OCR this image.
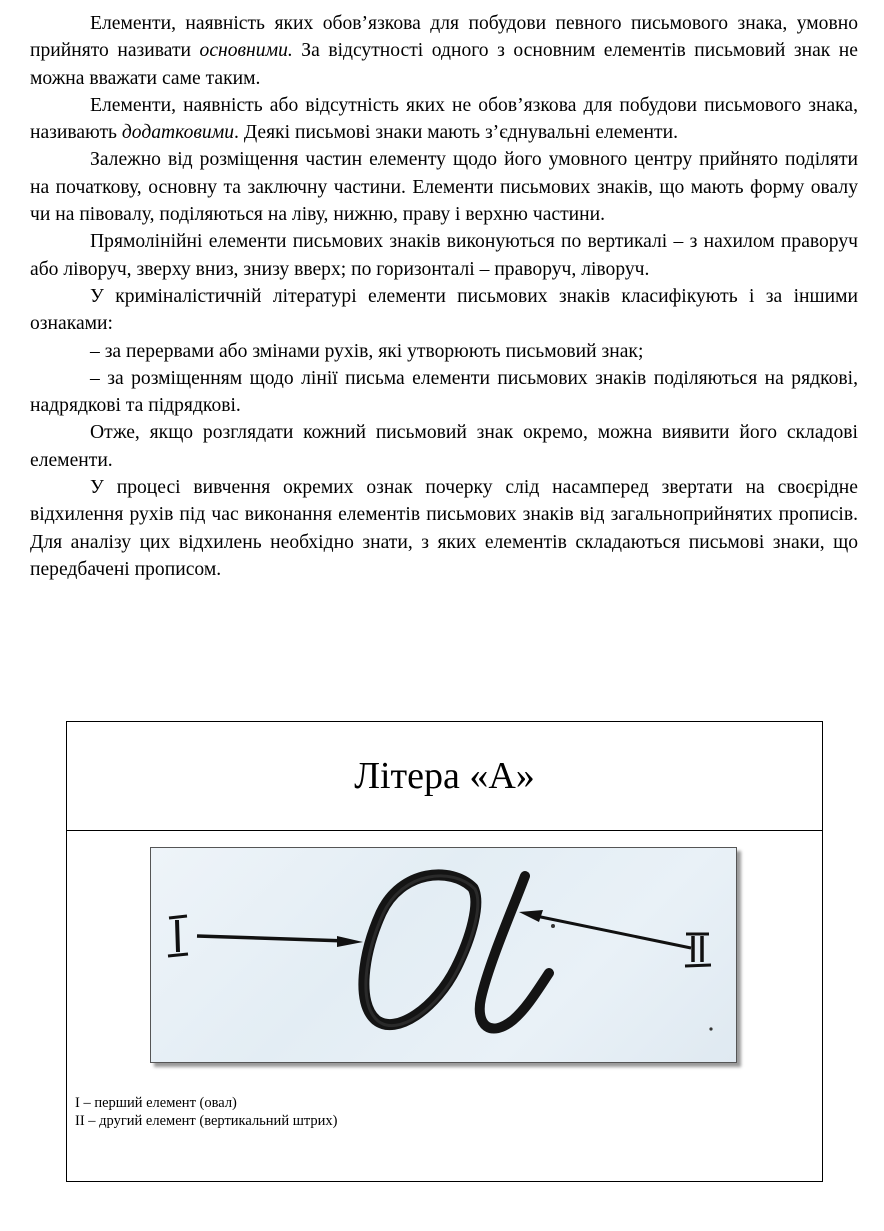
Елементи, наявність яких обов’язкова для побудови певного письмового знака, умовно прийнято називати основними. За відсутності одного з основним елементів письмовий знак не можна вважати саме таким.

Елементи, наявність або відсутність яких не обов’язкова для побудови письмового знака, називають додатковими. Деякі письмові знаки мають з’єднувальні елементи.

Залежно від розміщення частин елементу щодо його умовного центру прийнято поділяти на початкову, основну та заключну частини. Елементи письмових знаків, що мають форму овалу чи на півовалу, поділяються на ліву, нижню, праву і верхню частини.

Прямолінійні елементи письмових знаків виконуються по вертикалі – з нахилом праворуч або ліворуч, зверху вниз, знизу вверх; по горизонталі – праворуч, ліворуч.

У криміналістичній літературі елементи письмових знаків класифікують і за іншими ознаками:

– за перервами або змінами рухів, які утворюють письмовий знак;

– за розміщенням щодо лінії письма елементи письмових знаків поділяються на рядкові, надрядкові та підрядкові.

Отже, якщо розглядати кожний письмовий знак окремо, можна виявити його складові елементи.

У процесі вивчення окремих ознак почерку слід насамперед звертати на своєрідне відхилення рухів під час виконання елементів письмових знаків від загальноприйнятих прописів. Для аналізу цих відхилень необхідно знати, з яких елементів складаються письмові знаки, що передбачені прописом.

Літера «А»
I – перший елемент (овал)
II – другий елемент (вертикальний штрих)
